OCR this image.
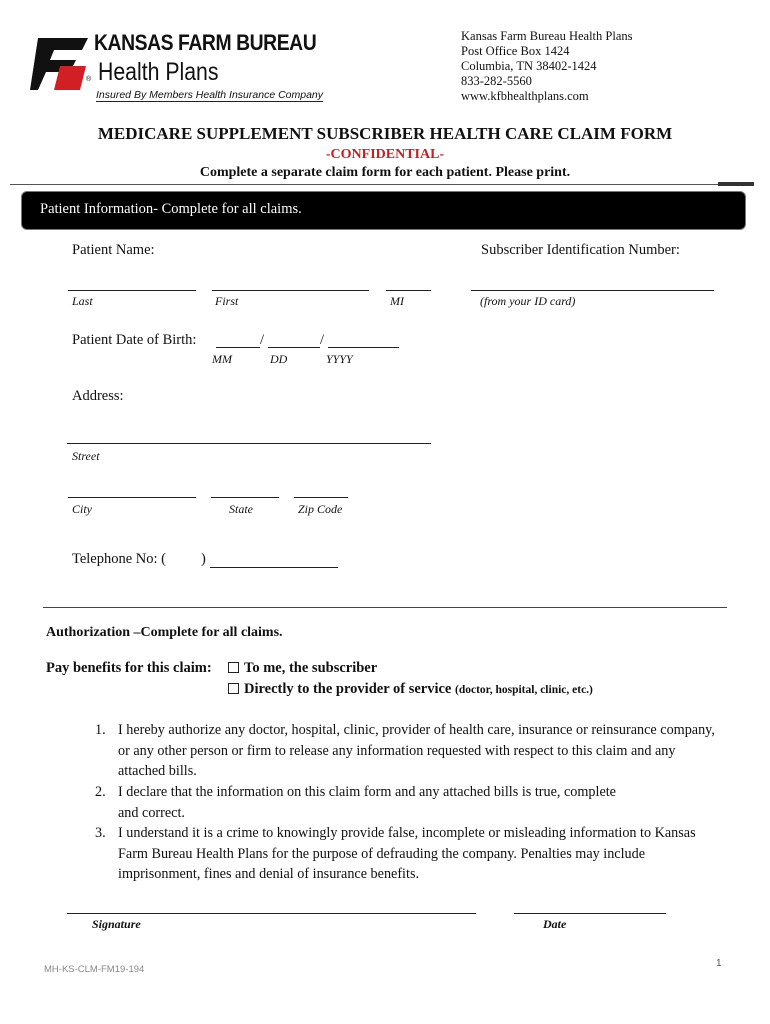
KANSAS FARM BUREAU
® Health Plans
Insured By Members Health Insurance Company
Kansas Farm Bureau Health Plans
Post Office Box 1424
Columbia, TN 38402-1424
833-282-5560
www.kfbhealthplans.com
MEDICARE SUPPLEMENT SUBSCRIBER HEALTH CARE CLAIM FORM
-CONFIDENTIAL-
Complete a separate claim form for each patient. Please print.
Patient Information- Complete for all claims.
Patient Name:	Subscriber Identification Number:
Last	First	MI	(from your ID card)
Patient Date of Birth:	/	/
MM	DD	YYYY
Address:
Street
City	State	Zip Code
Telephone No: ( )
Authorization –Complete for all claims.
Pay benefits for this claim:	To me, the subscriber
Directly to the provider of service (doctor, hospital, clinic, etc.)
1. I hereby authorize any doctor, hospital, clinic, provider of health care, insurance or reinsurance company, or any other person or firm to release any information requested with respect to this claim and any attached bills.
2. I declare that the information on this claim form and any attached bills is true, complete and correct.
3. I understand it is a crime to knowingly provide false, incomplete or misleading information to Kansas Farm Bureau Health Plans for the purpose of defrauding the company. Penalties may include imprisonment, fines and denial of insurance benefits.
Signature	Date
MH-KS-CLM-FM19-194
1
